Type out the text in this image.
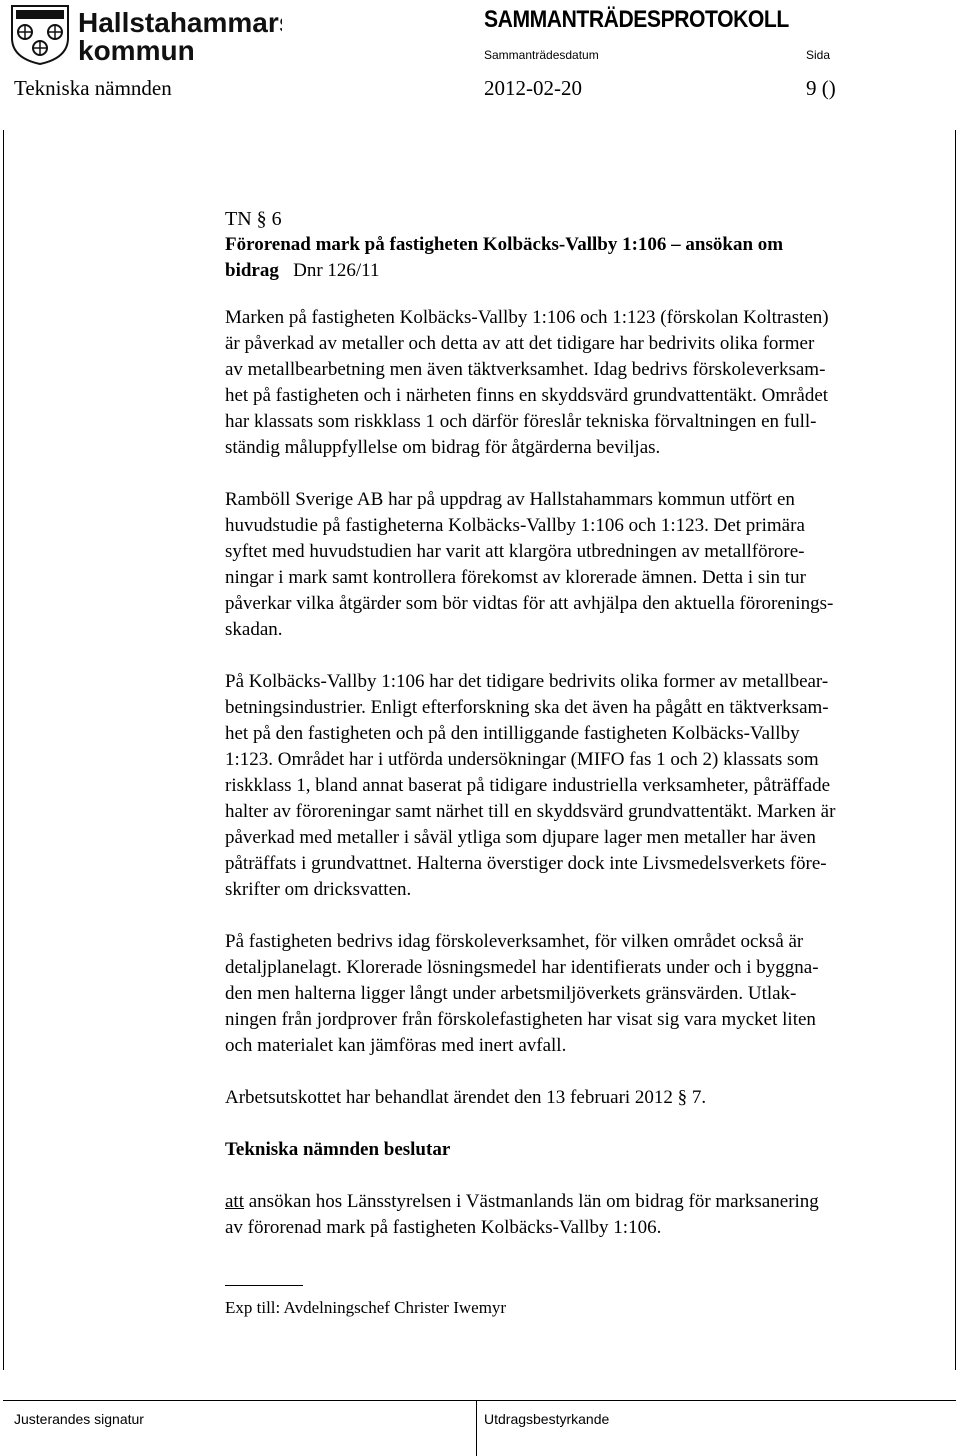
Hallstahammars
kommun
SAMMANTRÄDESPROTOKOLL
Sammanträdesdatum	Sida
Tekniska nämnden	2012-02-20	9 ()

TN § 6

Förorenad mark på fastigheten Kolbäcks-Vallby 1:106 – ansökan om

bidrag Dnr 126/11

Marken på fastigheten Kolbäcks-Vallby 1:106 och 1:123 (förskolan Koltrasten)

är påverkad av metaller och detta av att det tidigare har bedrivits olika former

av metallbearbetning men även täktverksamhet. Idag bedrivs förskoleverksam-

het på fastigheten och i närheten finns en skyddsvärd grundvattentäkt. Området

har klassats som riskklass 1 och därför föreslår tekniska förvaltningen en full-

ständig måluppfyllelse om bidrag för åtgärderna beviljas.

Ramböll Sverige AB har på uppdrag av Hallstahammars kommun utfört en

huvudstudie på fastigheterna Kolbäcks-Vallby 1:106 och 1:123. Det primära

syftet med huvudstudien har varit att klargöra utbredningen av metallförore-

ningar i mark samt kontrollera förekomst av klorerade ämnen. Detta i sin tur

påverkar vilka åtgärder som bör vidtas för att avhjälpa den aktuella förorenings-

skadan.

På Kolbäcks-Vallby 1:106 har det tidigare bedrivits olika former av metallbear-

betningsindustrier. Enligt efterforskning ska det även ha pågått en täktverksam-

het på den fastigheten och på den intilliggande fastigheten Kolbäcks-Vallby

1:123. Området har i utförda undersökningar (MIFO fas 1 och 2) klassats som

riskklass 1, bland annat baserat på tidigare industriella verksamheter, påträffade

halter av föroreningar samt närhet till en skyddsvärd grundvattentäkt. Marken är

påverkad med metaller i såväl ytliga som djupare lager men metaller har även

påträffats i grundvattnet. Halterna överstiger dock inte Livsmedelsverkets före-

skrifter om dricksvatten.

På fastigheten bedrivs idag förskoleverksamhet, för vilken området också är

detaljplanelagt. Klorerade lösningsmedel har identifierats under och i byggna-

den men halterna ligger långt under arbetsmiljöverkets gränsvärden. Utlak-

ningen från jordprover från förskolefastigheten har visat sig vara mycket liten

och materialet kan jämföras med inert avfall.

Arbetsutskottet har behandlat ärendet den 13 februari 2012 § 7.

Tekniska nämnden beslutar

att ansökan hos Länsstyrelsen i Västmanlands län om bidrag för marksanering

av förorenad mark på fastigheten Kolbäcks-Vallby 1:106.

Exp till: Avdelningschef Christer Iwemyr

Justerandes signatur	Utdragsbestyrkande
